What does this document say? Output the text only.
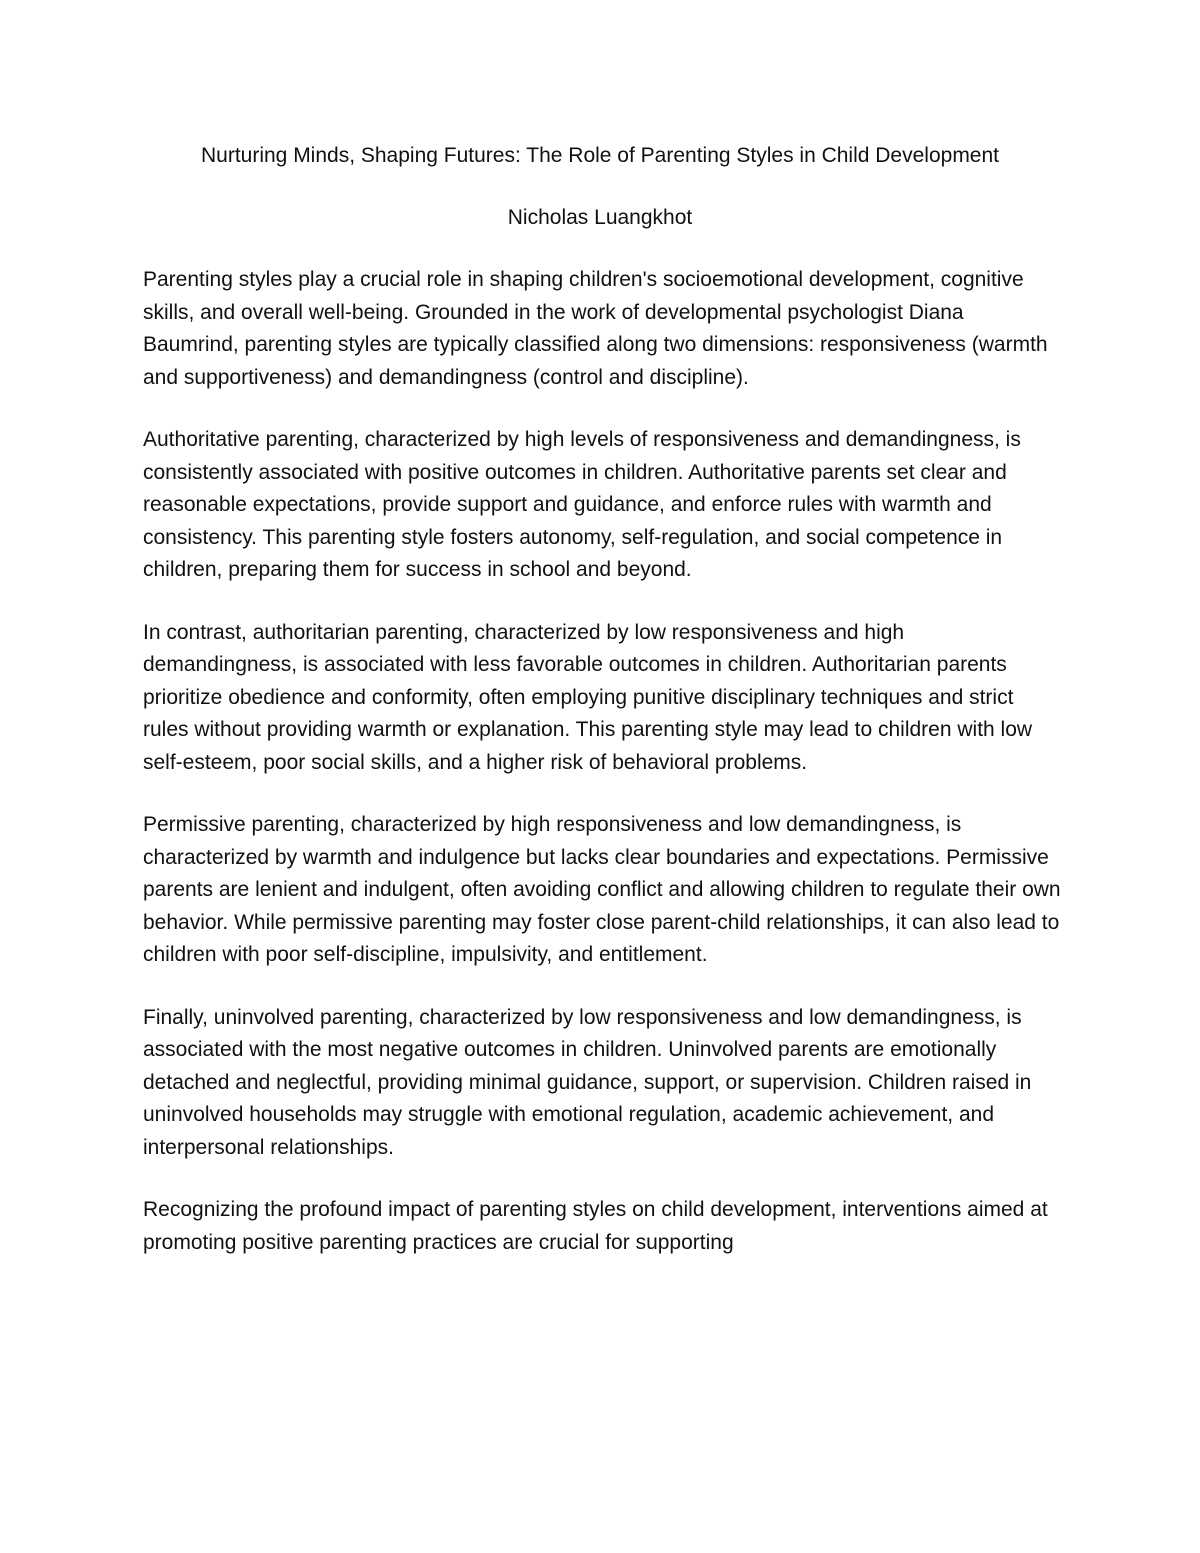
Nurturing Minds, Shaping Futures: The Role of Parenting Styles in Child Development
Nicholas Luangkhot

Parenting styles play a crucial role in shaping children's socioemotional development, cognitive skills, and overall well-being. Grounded in the work of developmental psychologist Diana Baumrind, parenting styles are typically classified along two dimensions: responsiveness (warmth and supportiveness) and demandingness (control and discipline).

Authoritative parenting, characterized by high levels of responsiveness and demandingness, is consistently associated with positive outcomes in children. Authoritative parents set clear and reasonable expectations, provide support and guidance, and enforce rules with warmth and consistency. This parenting style fosters autonomy, self-regulation, and social competence in children, preparing them for success in school and beyond.

In contrast, authoritarian parenting, characterized by low responsiveness and high demandingness, is associated with less favorable outcomes in children. Authoritarian parents prioritize obedience and conformity, often employing punitive disciplinary techniques and strict rules without providing warmth or explanation. This parenting style may lead to children with low self-esteem, poor social skills, and a higher risk of behavioral problems.

Permissive parenting, characterized by high responsiveness and low demandingness, is characterized by warmth and indulgence but lacks clear boundaries and expectations. Permissive parents are lenient and indulgent, often avoiding conflict and allowing children to regulate their own behavior. While permissive parenting may foster close parent-child relationships, it can also lead to children with poor self-discipline, impulsivity, and entitlement.

Finally, uninvolved parenting, characterized by low responsiveness and low demandingness, is associated with the most negative outcomes in children. Uninvolved parents are emotionally detached and neglectful, providing minimal guidance, support, or supervision. Children raised in uninvolved households may struggle with emotional regulation, academic achievement, and interpersonal relationships.

Recognizing the profound impact of parenting styles on child development, interventions aimed at promoting positive parenting practices are crucial for supporting
